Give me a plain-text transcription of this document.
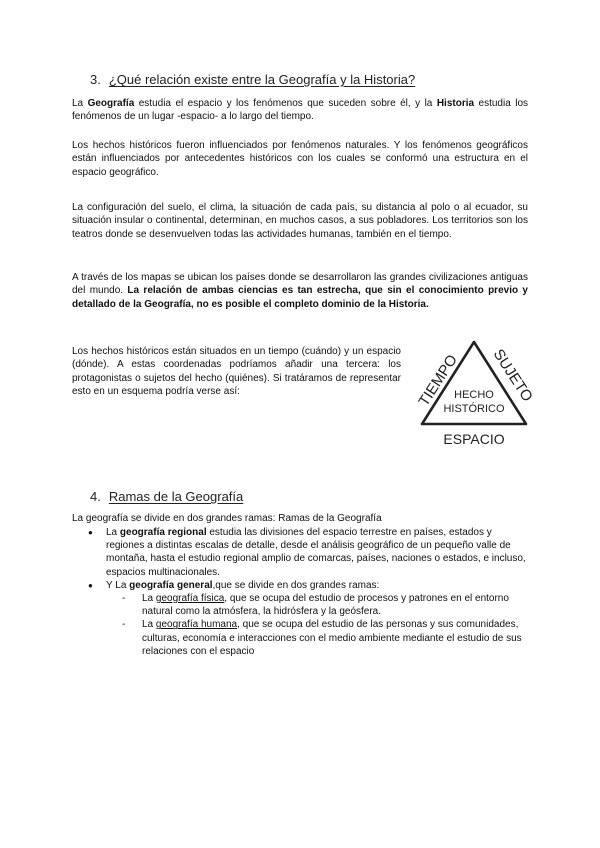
3. ¿Qué relación existe entre la Geografía y la Historia?

La Geografía estudia el espacio y los fenómenos que suceden sobre él, y la Historia estudia los fenómenos de un lugar -espacio- a lo largo del tiempo.

Los hechos históricos fueron influenciados por fenómenos naturales. Y los fenómenos geográficos están influenciados por antecedentes históricos con los cuales se conformó una estructura en el espacio geográfico.

La configuración del suelo, el clima, la situación de cada país, su distancia al polo o al ecuador, su situación insular o continental, determinan, en muchos casos, a sus pobladores. Los territorios son los teatros donde se desenvuelven todas las actividades humanas, también en el tiempo.

A través de los mapas se ubican los países donde se desarrollaron las grandes civilizaciones antiguas del mundo. La relación de ambas ciencias es tan estrecha, que sin el conocimiento previo y detallado de la Geografía, no es posible el completo dominio de la Historia.

Los hechos históricos están situados en un tiempo (cuándo) y un espacio (dónde). A estas coordenadas podríamos añadir una tercera: los protagonistas o sujetos del hecho (quiénes). Si tratáramos de representar esto en un esquema podría verse así:

4. Ramas de la Geografía

La geografía se divide en dos grandes ramas: Ramas de la Geografía

● La geografía regional estudia las divisiones del espacio terrestre en países, estados y regiones a distintas escalas de detalle, desde el análisis geográfico de un pequeño valle de montaña, hasta el estudio regional amplio de comarcas, países, naciones o estados, e incluso, espacios multinacionales.
● Y La geografía general,que se divide en dos grandes ramas:
- La geografía física, que se ocupa del estudio de procesos y patrones en el entorno natural como la atmósfera, la hidrósfera y la geósfera.
- La geografía humana, que se ocupa del estudio de las personas y sus comunidades, culturas, economía e interacciones con el medio ambiente mediante el estudio de sus relaciones con el espacio
TIEMPO SUJETO
ESPACIO
HECHO
HISTÓRICO
